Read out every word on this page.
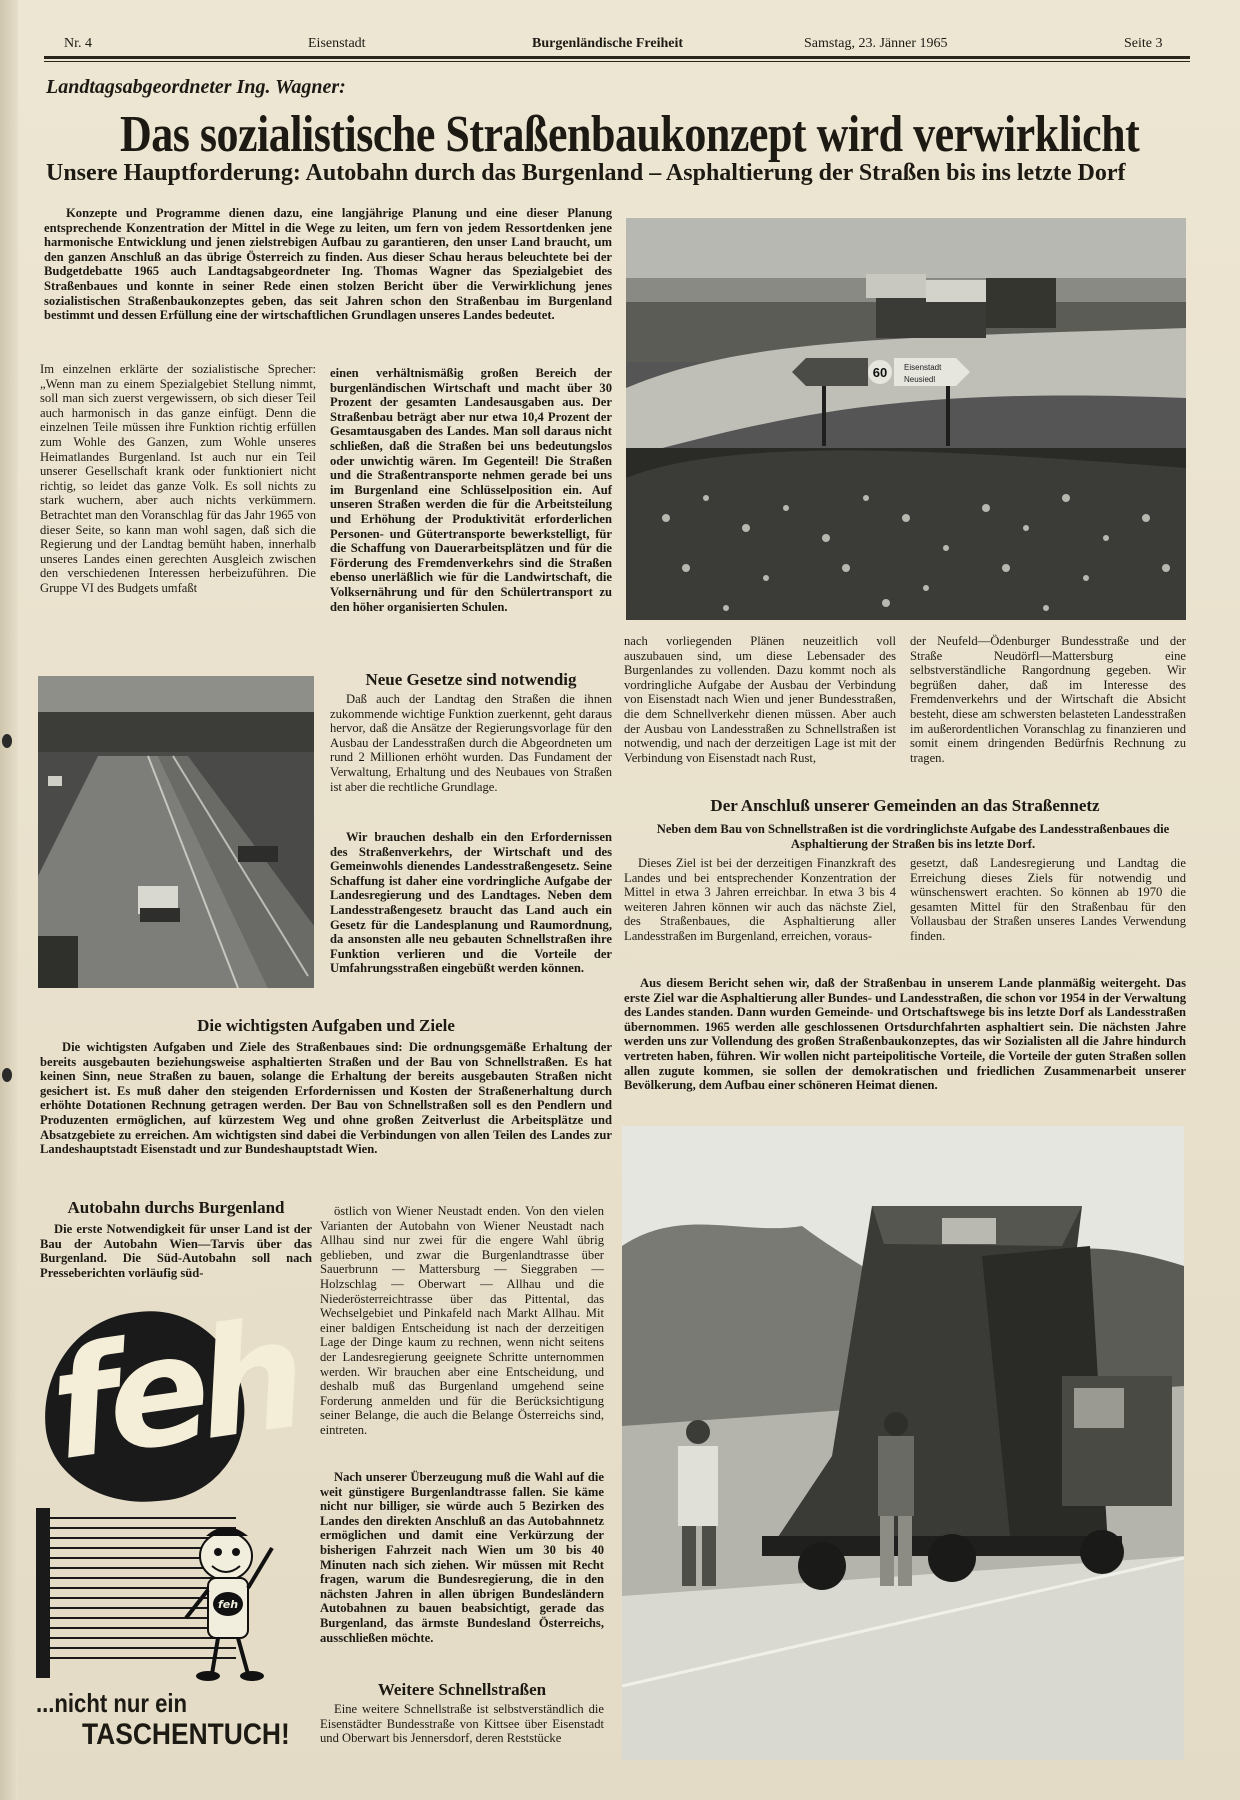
Nr. 4	Eisenstadt	Burgenländische Freiheit	Samstag, 23. Jänner 1965	Seite 3
Landtagsabgeordneter Ing. Wagner:
Das sozialistische Straßenbaukonzept wird verwirklicht
Unsere Hauptforderung: Autobahn durch das Burgenland – Asphaltierung der Straßen bis ins letzte Dorf
Konzepte und Programme dienen dazu, eine langjährige Planung und eine dieser Planung entsprechende Konzentration der Mittel in die Wege zu leiten, um fern von jedem Ressortdenken jene harmonische Entwicklung und jenen zielstrebigen Aufbau zu garantieren, den unser Land braucht, um den ganzen Anschluß an das übrige Österreich zu finden. Aus dieser Schau heraus beleuchtete bei der Budgetdebatte 1965 auch Landtagsabgeordneter Ing. Thomas Wagner das Spezialgebiet des Straßenbaues und konnte in seiner Rede einen stolzen Bericht über die Verwirklichung jenes sozialistischen Straßenbaukonzeptes geben, das seit Jahren schon den Straßenbau im Burgenland bestimmt und dessen Erfüllung eine der wirtschaftlichen Grundlagen unseres Landes bedeutet.
Im einzelnen erklärte der sozialistische Sprecher: „Wenn man zu einem Spezialgebiet Stellung nimmt, soll man sich zuerst vergewissern, ob sich dieser Teil auch harmonisch in das ganze einfügt. Denn die einzelnen Teile müssen ihre Funktion richtig erfüllen zum Wohle des Ganzen, zum Wohle unseres Heimatlandes Burgenland. Ist auch nur ein Teil unserer Gesellschaft krank oder funktioniert nicht richtig, so leidet das ganze Volk. Es soll nichts zu stark wuchern, aber auch nichts verkümmern. Betrachtet man den Voranschlag für das Jahr 1965 von dieser Seite, so kann man wohl sagen, daß sich die Regierung und der Landtag bemüht haben, innerhalb unseres Landes einen gerechten Ausgleich zwischen den verschiedenen Interessen herbeizuführen. Die Gruppe VI des Budgets umfaßt
einen verhältnismäßig großen Bereich der burgenländischen Wirtschaft und macht über 30 Prozent der gesamten Landesausgaben aus. Der Straßenbau beträgt aber nur etwa 10,4 Prozent der Gesamtausgaben des Landes. Man soll daraus nicht schließen, daß die Straßen bei uns bedeutungslos oder unwichtig wären. Im Gegenteil! Die Straßen und die Straßentransporte nehmen gerade bei uns im Burgenland eine Schlüsselposition ein. Auf unseren Straßen werden die für die Arbeitsteilung und Erhöhung der Produktivität erforderlichen Personen- und Gütertransporte bewerkstelligt, für die Schaffung von Dauerarbeitsplätzen und für die Förderung des Fremdenverkehrs sind die Straßen ebenso unerläßlich wie für die Landwirtschaft, die Volksernährung und für den Schülertransport zu den höher organisierten Schulen.
Neue Gesetze sind notwendig
Daß auch der Landtag den Straßen die ihnen zukommende wichtige Funktion zuerkennt, geht daraus hervor, daß die Ansätze der Regierungsvorlage für den Ausbau der Landesstraßen durch die Abgeordneten um rund 2 Millionen erhöht wurden. Das Fundament der Verwaltung, Erhaltung und des Neubaues von Straßen ist aber die rechtliche Grundlage.
Wir brauchen deshalb ein den Erfordernissen des Straßenverkehrs, der Wirtschaft und des Gemeinwohls dienendes Landesstraßengesetz. Seine Schaffung ist daher eine vordringliche Aufgabe der Landesregierung und des Landtages. Neben dem Landesstraßengesetz braucht das Land auch ein Gesetz für die Landesplanung und Raumordnung, da ansonsten alle neu gebauten Schnellstraßen ihre Funktion verlieren und die Vorteile der Umfahrungsstraßen eingebüßt werden können.
60 Eisenstadt
Neusiedl
nach vorliegenden Plänen neuzeitlich voll auszubauen sind, um diese Lebensader des Burgenlandes zu vollenden. Dazu kommt noch als vordringliche Aufgabe der Ausbau der Verbindung von Eisenstadt nach Wien und jener Bundesstraßen, die dem Schnellverkehr dienen müssen. Aber auch der Ausbau von Landesstraßen zu Schnellstraßen ist notwendig, und nach der derzeitigen Lage ist mit der Verbindung von Eisenstadt nach Rust,
der Neufeld—Ödenburger Bundesstraße und der Straße Neudörfl—Mattersburg eine selbstverständliche Rangordnung gegeben. Wir begrüßen daher, daß im Interesse des Fremdenverkehrs und der Wirtschaft die Absicht besteht, diese am schwersten belasteten Landesstraßen im außerordentlichen Voranschlag zu finanzieren und somit einem dringenden Bedürfnis Rechnung zu tragen.
Der Anschluß unserer Gemeinden an das Straßennetz
Neben dem Bau von Schnellstraßen ist die vordringlichste Aufgabe des Landesstraßenbaues die Asphaltierung der Straßen bis ins letzte Dorf.
Dieses Ziel ist bei der derzeitigen Finanzkraft des Landes und bei entsprechender Konzentration der Mittel in etwa 3 Jahren erreichbar. In etwa 3 bis 4 weiteren Jahren können wir auch das nächste Ziel, des Straßenbaues, die Asphaltierung aller Landesstraßen im Burgenland, erreichen, voraus-
gesetzt, daß Landesregierung und Landtag die Erreichung dieses Ziels für notwendig und wünschenswert erachten. So können ab 1970 die gesamten Mittel für den Straßenbau für den Vollausbau der Straßen unseres Landes Verwendung finden.
Aus diesem Bericht sehen wir, daß der Straßenbau in unserem Lande planmäßig weitergeht. Das erste Ziel war die Asphaltierung aller Bundes- und Landesstraßen, die schon vor 1954 in der Verwaltung des Landes standen. Dann wurden Gemeinde- und Ortschaftswege bis ins letzte Dorf als Landesstraßen übernommen. 1965 werden alle geschlossenen Ortsdurchfahrten asphaltiert sein. Die nächsten Jahre werden uns zur Vollendung des großen Straßenbaukonzeptes, das wir Sozialisten all die Jahre hindurch vertreten haben, führen. Wir wollen nicht parteipolitische Vorteile, die Vorteile der guten Straßen sollen allen zugute kommen, sie sollen der demokratischen und friedlichen Zusammenarbeit unserer Bevölkerung, dem Aufbau einer schöneren Heimat dienen.
Die wichtigsten Aufgaben und Ziele
Die wichtigsten Aufgaben und Ziele des Straßenbaues sind: Die ordnungsgemäße Erhaltung der bereits ausgebauten beziehungsweise asphaltierten Straßen und der Bau von Schnellstraßen. Es hat keinen Sinn, neue Straßen zu bauen, solange die Erhaltung der bereits ausgebauten Straßen nicht gesichert ist. Es muß daher den steigenden Erfordernissen und Kosten der Straßenerhaltung durch erhöhte Dotationen Rechnung getragen werden. Der Bau von Schnellstraßen soll es den Pendlern und Produzenten ermöglichen, auf kürzestem Weg und ohne großen Zeitverlust die Arbeitsplätze und Absatzgebiete zu erreichen. Am wichtigsten sind dabei die Verbindungen von allen Teilen des Landes zur Landeshauptstadt Eisenstadt und zur Bundeshauptstadt Wien.
Autobahn durchs Burgenland
Die erste Notwendigkeit für unser Land ist der Bau der Autobahn Wien—Tarvis über das Burgenland. Die Süd-Autobahn soll nach Presseberichten vorläufig süd-
östlich von Wiener Neustadt enden. Von den vielen Varianten der Autobahn von Wiener Neustadt nach Allhau sind nur zwei für die engere Wahl übrig geblieben, und zwar die Burgenlandtrasse über Sauerbrunn — Mattersburg — Sieggraben — Holzschlag — Oberwart — Allhau und die Niederösterreichtrasse über das Pittental, das Wechselgebiet und Pinkafeld nach Markt Allhau. Mit einer baldigen Entscheidung ist nach der derzeitigen Lage der Dinge kaum zu rechnen, wenn nicht seitens der Landesregierung geeignete Schritte unternommen werden. Wir brauchen aber eine Entscheidung, und deshalb muß das Burgenland umgehend seine Forderung anmelden und für die Berücksichtigung seiner Belange, die auch die Belange Österreichs sind, eintreten.
Nach unserer Überzeugung muß die Wahl auf die weit günstigere Burgenlandtrasse fallen. Sie käme nicht nur billiger, sie würde auch 5 Bezirken des Landes den direkten Anschluß an das Autobahnnetz ermöglichen und damit eine Verkürzung der bisherigen Fahrzeit nach Wien um 30 bis 40 Minuten nach sich ziehen. Wir müssen mit Recht fragen, warum die Bundesregierung, die in den nächsten Jahren in allen übrigen Bundesländern Autobahnen zu bauen beabsichtigt, gerade das Burgenland, das ärmste Bundesland Österreichs, ausschließen möchte.
Weitere Schnellstraßen
Eine weitere Schnellstraße ist selbstverständlich die Eisenstädter Bundesstraße von Kittsee über Eisenstadt und Oberwart bis Jennersdorf, deren Reststücke
feh
feh
...nicht nur ein
TASCHENTUCH!
